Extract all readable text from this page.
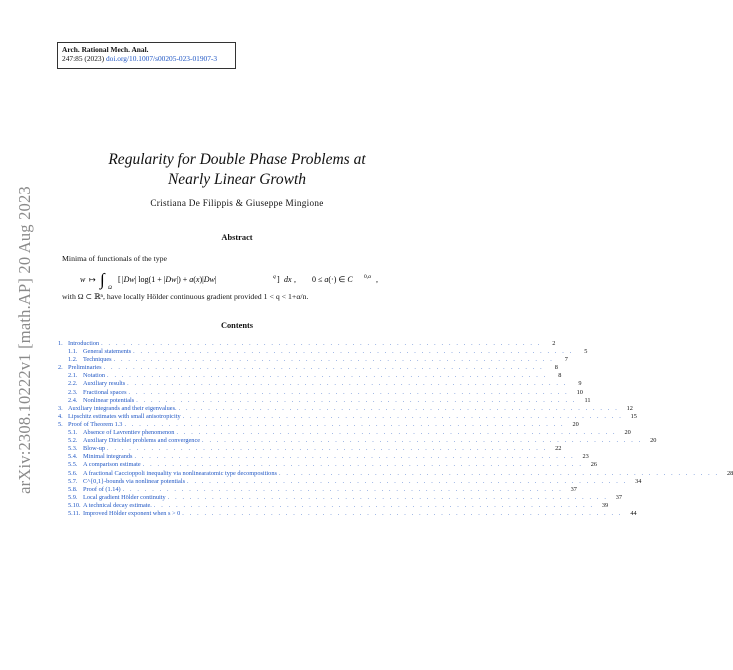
arXiv:2308.10222v1 [math.AP] 20 Aug 2023
Arch. Rational Mech. Anal.
247:85 (2023) doi.org/10.1007/s00205-023-01907-3
Regularity for Double Phase Problems at
Nearly Linear Growth
Cristiana De Filippis & Giuseppe Mingione
Abstract
Minima of functionals of the type
w ↦ ∫ Ω
[ |Dw| log(1 + |Dw|) + a(x)|Dw|	q ] dx , 0 ≤ a(·) ∈ C 0,α ,
with Ω ⊂ ℝⁿ, have locally Hölder continuous gradient provided 1 < q < 1+α/n.
Contents
1. Introduction . . . . . . . . . . . . . . . . . . . . . . . . . . . . . . . . . . . . . . . . . . . . . . . . . . . . . . . . . . . .	2
1.1. General statements . . . . . . . . . . . . . . . . . . . . . . . . . . . . . . . . . . . . . . . . . . . . . . . . . . . . . . . . . . . .	5
1.2. Techniques . . . . . . . . . . . . . . . . . . . . . . . . . . . . . . . . . . . . . . . . . . . . . . . . . . . . . . . . . . . .	7
2. Preliminaries . . . . . . . . . . . . . . . . . . . . . . . . . . . . . . . . . . . . . . . . . . . . . . . . . . . . . . . . . . . .	8
2.1. Notation . . . . . . . . . . . . . . . . . . . . . . . . . . . . . . . . . . . . . . . . . . . . . . . . . . . . . . . . . . . .	8
2.2. Auxiliary results . . . . . . . . . . . . . . . . . . . . . . . . . . . . . . . . . . . . . . . . . . . . . . . . . . . . . . . . . . . .	9
2.3. Fractional spaces . . . . . . . . . . . . . . . . . . . . . . . . . . . . . . . . . . . . . . . . . . . . . . . . . . . . . . . . . . . .	10
2.4. Nonlinear potentials . . . . . . . . . . . . . . . . . . . . . . . . . . . . . . . . . . . . . . . . . . . . . . . . . . . . . . . . . . . .	11
3. Auxiliary integrands and their eigenvalues. . . . . . . . . . . . . . . . . . . . . . . . . . . . . . . . . . . . . . . . . . . . . . . . . . . . . . . . . . . . .	12
4. Lipschitz estimates with small anisotropicity . . . . . . . . . . . . . . . . . . . . . . . . . . . . . . . . . . . . . . . . . . . . . . . . . . . . . . . . . . . .	15
5. Proof of Theorem 1.3 . . . . . . . . . . . . . . . . . . . . . . . . . . . . . . . . . . . . . . . . . . . . . . . . . . . . . . . . . . . .	20
5.1. Absence of Lavrentiev phenomenon . . . . . . . . . . . . . . . . . . . . . . . . . . . . . . . . . . . . . . . . . . . . . . . . . . . . . . . . . . . .	20
5.2. Auxiliary Dirichlet problems and convergence . . . . . . . . . . . . . . . . . . . . . . . . . . . . . . . . . . . . . . . . . . . . . . . . . . . . . . . . . . . .	20
5.3. Blow-up . . . . . . . . . . . . . . . . . . . . . . . . . . . . . . . . . . . . . . . . . . . . . . . . . . . . . . . . . . . .	22
5.4. Minimal integrands . . . . . . . . . . . . . . . . . . . . . . . . . . . . . . . . . . . . . . . . . . . . . . . . . . . . . . . . . . . .	23
5.5. A comparison estimate . . . . . . . . . . . . . . . . . . . . . . . . . . . . . . . . . . . . . . . . . . . . . . . . . . . . . . . . . . . .	26
5.6. A fractional Caccioppoli inequality via nonlinearatomic type decompositions . . . . . . . . . . . . . . . . . . . . . . . . . . . . . . . . . . . . . . . . . . . . . . . . . . . . . . . . . . . .	28
5.7. C^{0,1}-bounds via nonlinear potentials . . . . . . . . . . . . . . . . . . . . . . . . . . . . . . . . . . . . . . . . . . . . . . . . . . . . . . . . . . . .	34
5.8. Proof of (1.14) . . . . . . . . . . . . . . . . . . . . . . . . . . . . . . . . . . . . . . . . . . . . . . . . . . . . . . . . . . . .	37
5.9. Local gradient Hölder continuity . . . . . . . . . . . . . . . . . . . . . . . . . . . . . . . . . . . . . . . . . . . . . . . . . . . . . . . . . . . .	37
5.10. A technical decay estimate. . . . . . . . . . . . . . . . . . . . . . . . . . . . . . . . . . . . . . . . . . . . . . . . . . . . . . . . . . . . .	39
5.11. Improved Hölder exponent when s > 0 . . . . . . . . . . . . . . . . . . . . . . . . . . . . . . . . . . . . . . . . . . . . . . . . . . . . . . . . . . . .	44
